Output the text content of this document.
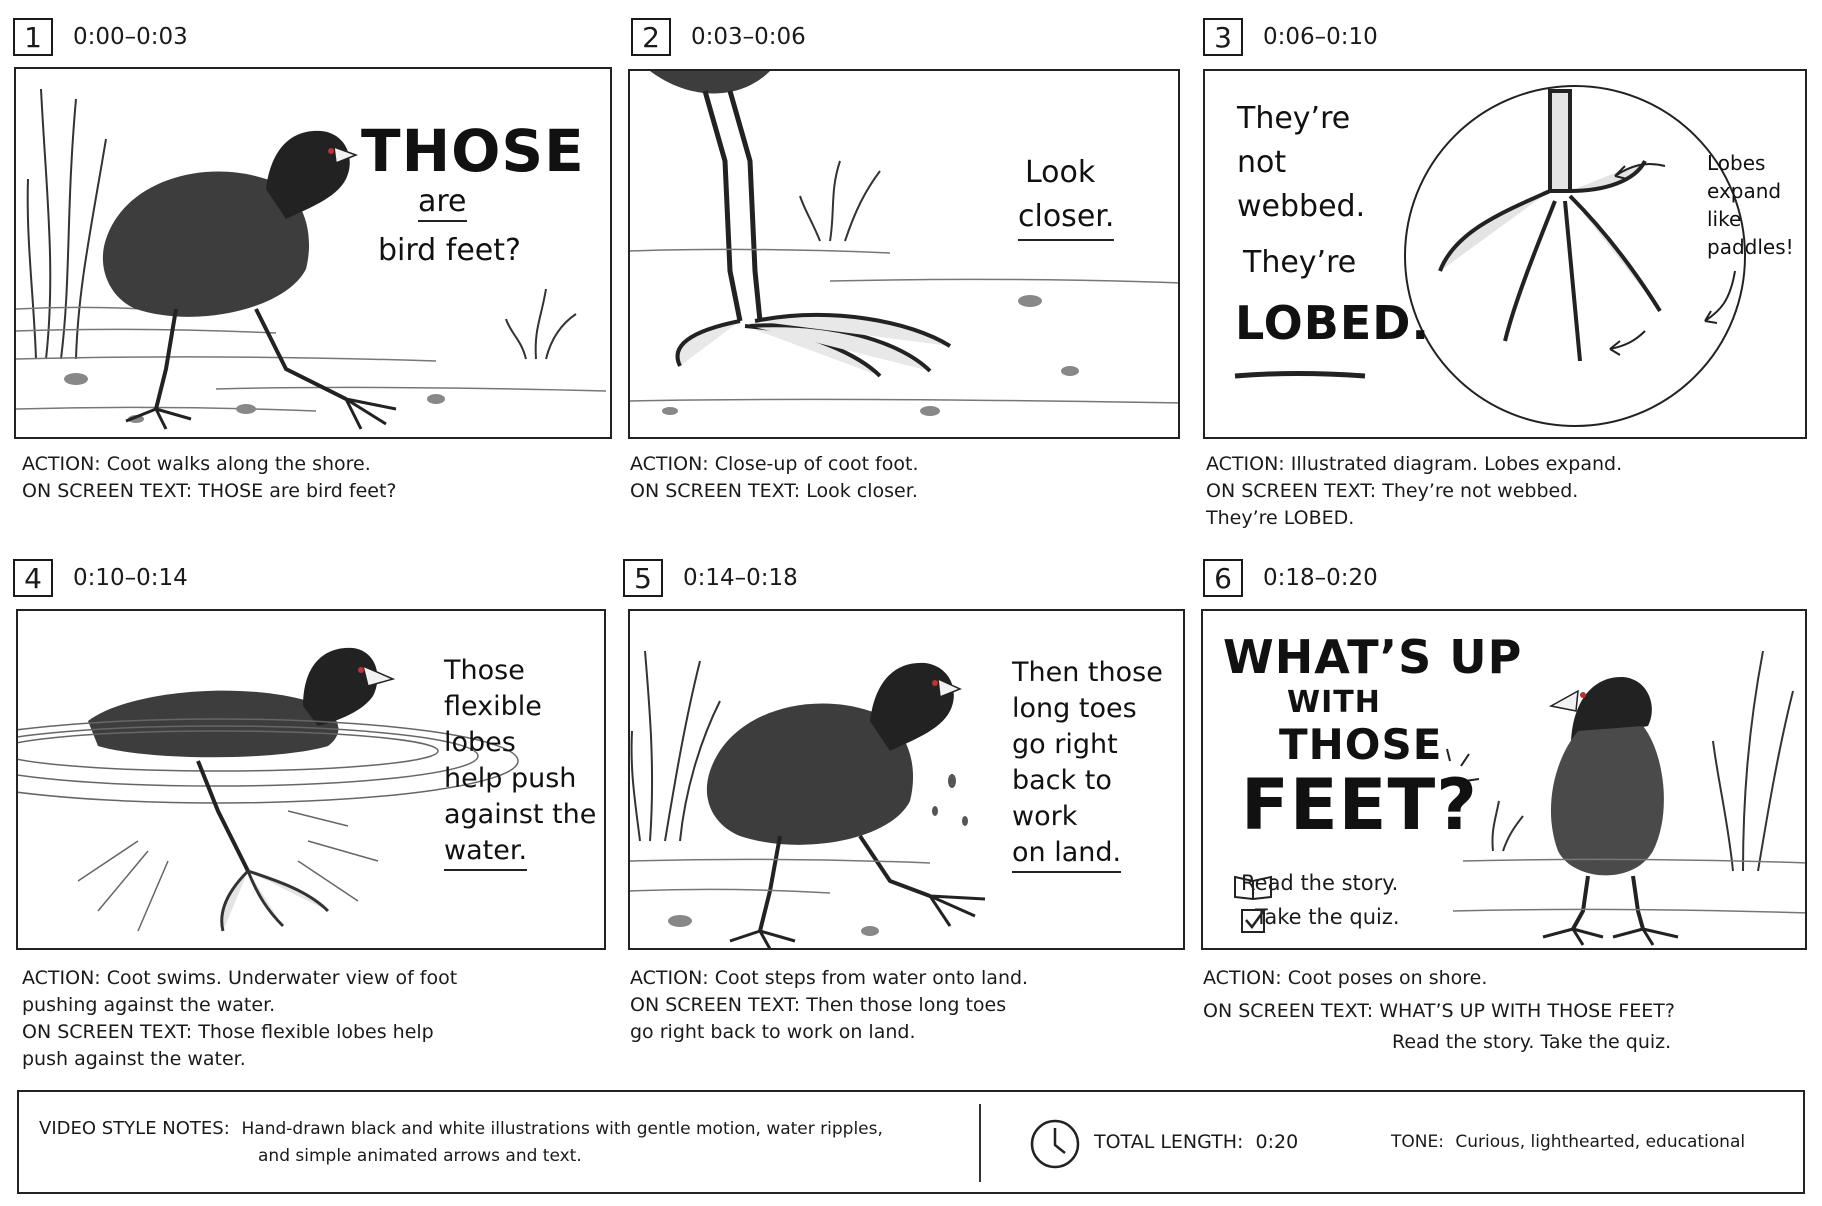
1	0:00–0:03
THOSE
are
bird feet?

ACTION: Coot walks along the shore.

ON SCREEN TEXT: THOSE are bird feet?

2	0:03–0:06
Look
closer.

ACTION: Close-up of coot foot.

ON SCREEN TEXT: Look closer.

3	0:06–0:10
They’re
not
webbed.
They’re
LOBED.
Lobes
expand
like
paddles!

ACTION: Illustrated diagram. Lobes expand.

ON SCREEN TEXT: They’re not webbed.

They’re LOBED.

4	0:10–0:14
Those
flexible lobes
help push
against the
water.

ACTION: Coot swims. Underwater view of foot

pushing against the water.

ON SCREEN TEXT: Those flexible lobes help

push against the water.

5	0:14–0:18
Then those
long toes
go right
back to work
on land.

ACTION: Coot steps from water onto land.

ON SCREEN TEXT: Then those long toes

go right back to work on land.

6	0:18–0:20
WHAT’S UP
WITH
THOSE
FEET?
Read the story.
Take the quiz.

ACTION: Coot poses on shore.

ON SCREEN TEXT: WHAT’S UP WITH THOSE FEET?

Read the story. Take the quiz.

VIDEO STYLE NOTES: Hand-drawn black and white illustrations with gentle motion, water ripples,
and simple animated arrows and text.
TOTAL LENGTH: 0:20	TONE: Curious, lighthearted, educational
